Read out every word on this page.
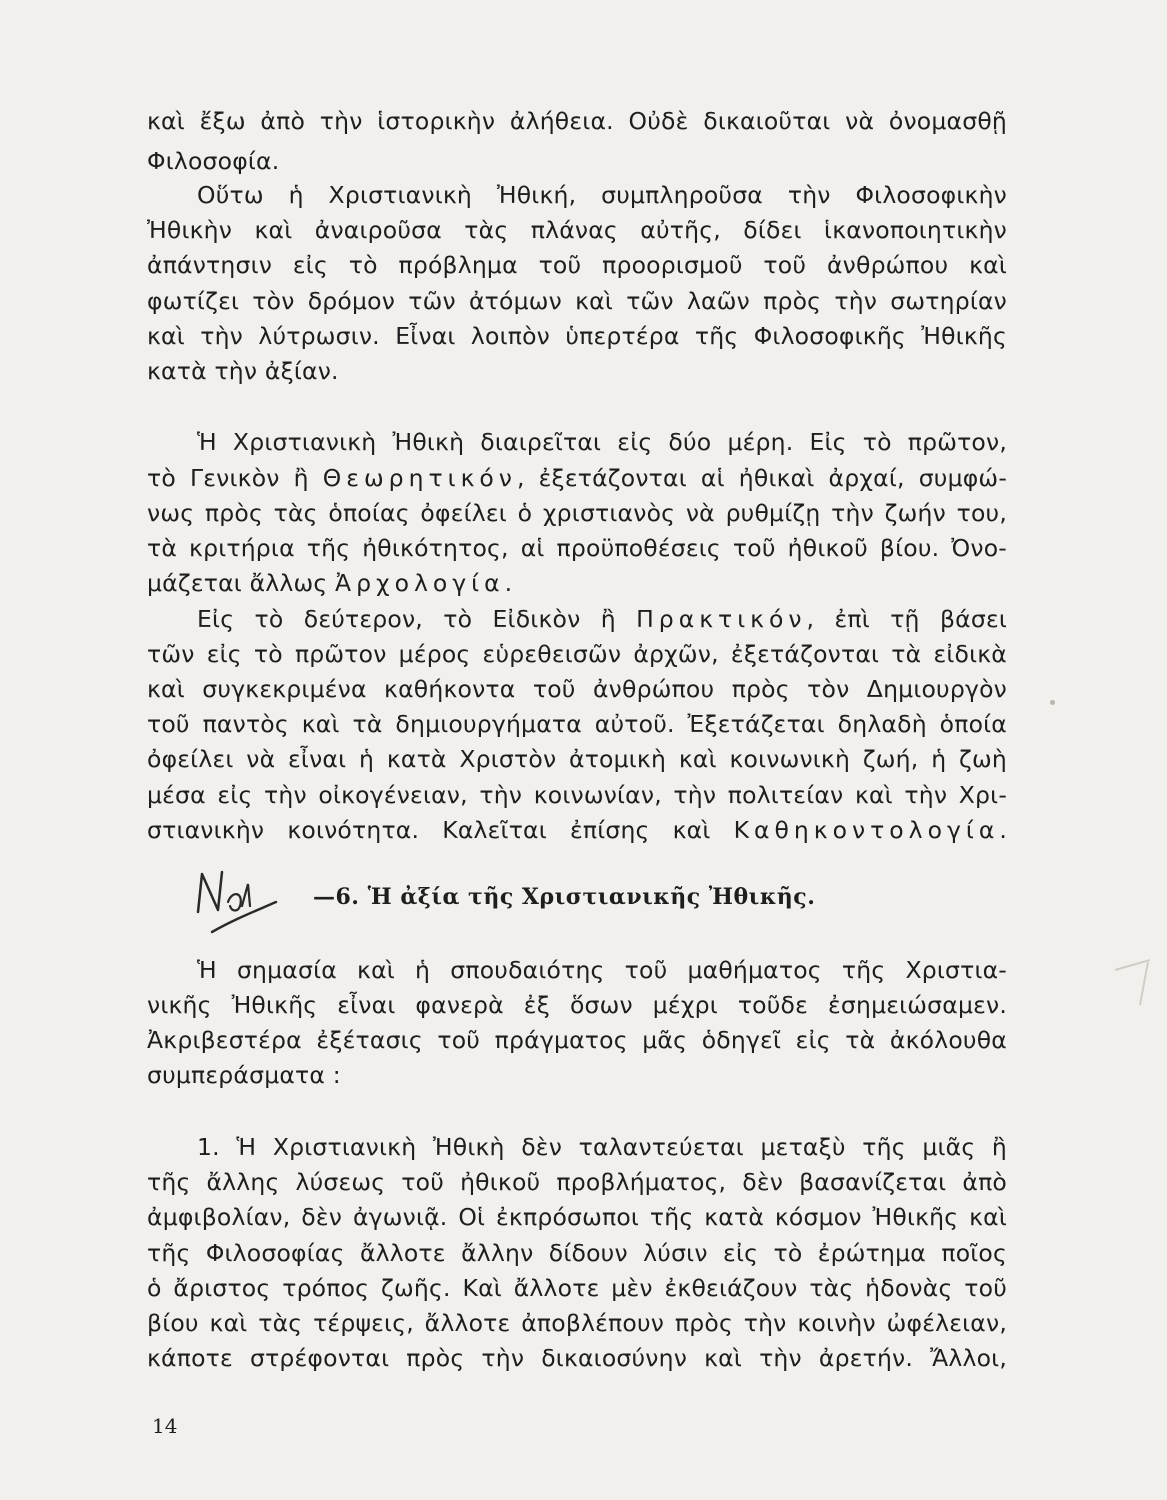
καὶ ἔξω ἀπὸ τὴν ἱστορικὴν ἀλήθεια. Οὐδὲ δικαιοῦται νὰ ὀνομασθῇ
Φιλοσοφία.
Οὕτω ἡ Χριστιανικὴ Ἠθική, συμπληροῦσα τὴν Φιλοσοφικὴν
Ἠθικὴν καὶ ἀναιροῦσα τὰς πλάνας αὐτῆς, δίδει ἱκανοποιητικὴν
ἀπάντησιν εἰς τὸ πρόβλημα τοῦ προορισμοῦ τοῦ ἀνθρώπου καὶ
φωτίζει τὸν δρόμον τῶν ἀτόμων καὶ τῶν λαῶν πρὸς τὴν σωτηρίαν
καὶ τὴν λύτρωσιν. Εἶναι λοιπὸν ὑπερτέρα τῆς Φιλοσοφικῆς Ἠθικῆς
κατὰ τὴν ἀξίαν.
Ἡ Χριστιανικὴ Ἠθικὴ διαιρεῖται εἰς δύο μέρη. Εἰς τὸ πρῶτον,
τὸ Γενικὸν ἢ Θεωρητικόν, ἐξετάζονται αἱ ἠθικαὶ ἀρχαί, συμφώ-
νως πρὸς τὰς ὁποίας ὀφείλει ὁ χριστιανὸς νὰ ρυθμίζῃ τὴν ζωήν του,
τὰ κριτήρια τῆς ἠθικότητος, αἱ προϋποθέσεις τοῦ ἠθικοῦ βίου. Ὀνο-
μάζεται ἄλλως Ἀρχολογία.
Εἰς τὸ δεύτερον, τὸ Εἰδικὸν ἢ Πρακτικόν, ἐπὶ τῇ βάσει
τῶν εἰς τὸ πρῶτον μέρος εὑρεθεισῶν ἀρχῶν, ἐξετάζονται τὰ εἰδικὰ
καὶ συγκεκριμένα καθήκοντα τοῦ ἀνθρώπου πρὸς τὸν Δημιουργὸν
τοῦ παντὸς καὶ τὰ δημιουργήματα αὐτοῦ. Ἐξετάζεται δηλαδὴ ὁποία
ὀφείλει νὰ εἶναι ἡ κατὰ Χριστὸν ἀτομικὴ καὶ κοινωνικὴ ζωή, ἡ ζωὴ
μέσα εἰς τὴν οἰκογένειαν, τὴν κοινωνίαν, τὴν πολιτείαν καὶ τὴν Χρι-
στιανικὴν κοινότητα. Καλεῖται ἐπίσης καὶ Καθηκοντολογία.
Ἡ σημασία καὶ ἡ σπουδαιότης τοῦ μαθήματος τῆς Χριστια-
νικῆς Ἠθικῆς εἶναι φανερὰ ἐξ ὅσων μέχρι τοῦδε ἐσημειώσαμεν.
Ἀκριβεστέρα ἐξέτασις τοῦ πράγματος μᾶς ὁδηγεῖ εἰς τὰ ἀκόλουθα
συμπεράσματα :
1. Ἡ Χριστιανικὴ Ἠθικὴ δὲν ταλαντεύεται μεταξὺ τῆς μιᾶς ἢ
τῆς ἄλλης λύσεως τοῦ ἠθικοῦ προβλήματος, δὲν βασανίζεται ἀπὸ
ἀμφιβολίαν, δὲν ἀγωνιᾷ. Οἱ ἐκπρόσωποι τῆς κατὰ κόσμον Ἠθικῆς καὶ
τῆς Φιλοσοφίας ἄλλοτε ἄλλην δίδουν λύσιν εἰς τὸ ἐρώτημα ποῖος
ὁ ἄριστος τρόπος ζωῆς. Καὶ ἄλλοτε μὲν ἐκθειάζουν τὰς ἡδονὰς τοῦ
βίου καὶ τὰς τέρψεις, ἄλλοτε ἀποβλέπουν πρὸς τὴν κοινὴν ὠφέλειαν,
κάποτε στρέφονται πρὸς τὴν δικαιοσύνην καὶ τὴν ἀρετήν. Ἄλλοι,
—6. Ἡ ἀξία τῆς Χριστιανικῆς Ἠθικῆς.
14
